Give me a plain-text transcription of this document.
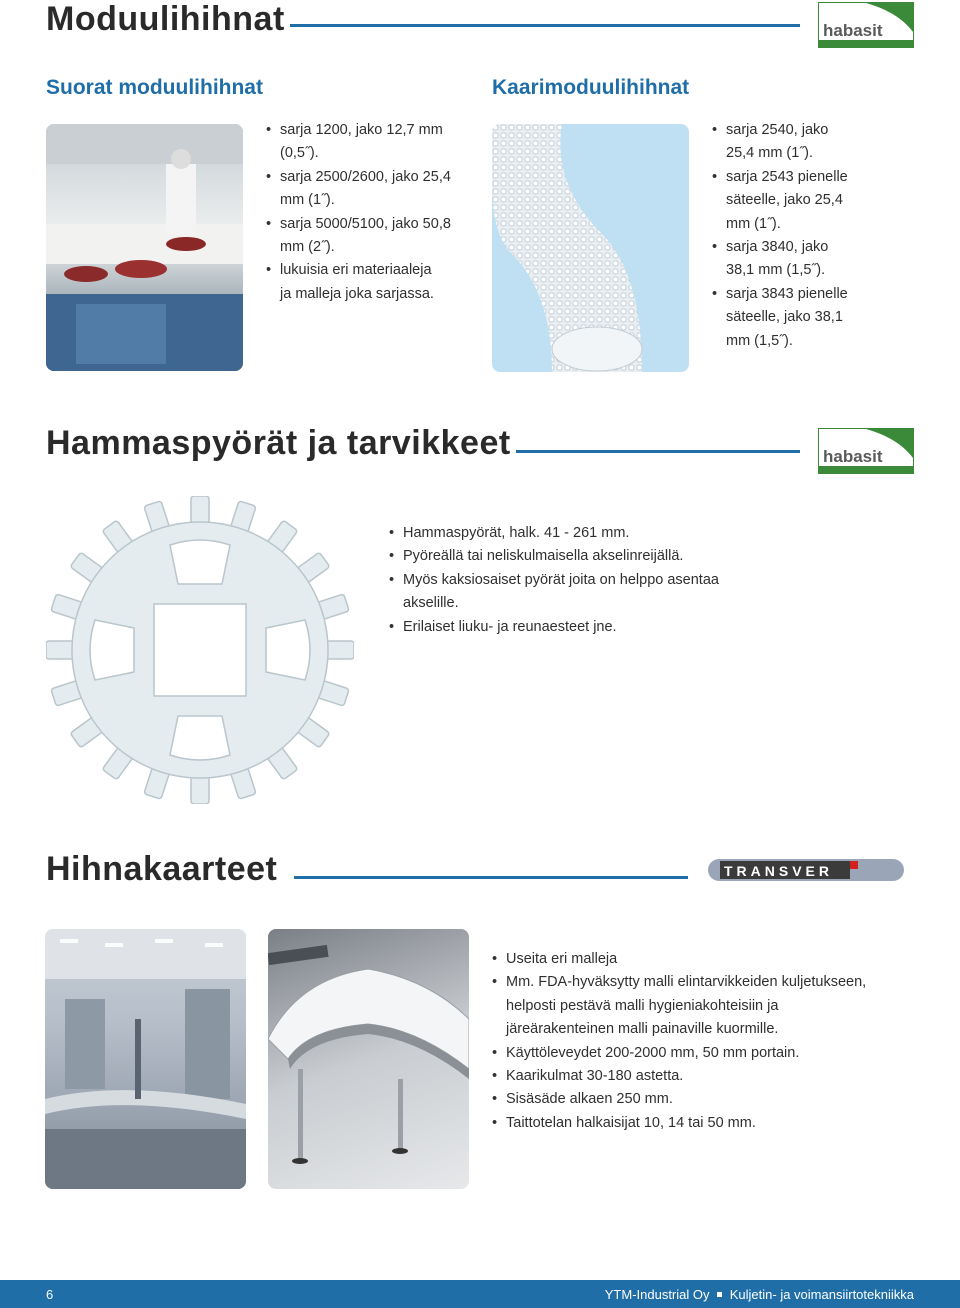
Moduulihihnat	habasit
Suorat moduulihihnat	Kaarimoduulihihnat
• sarja 1200, jako 12,7 mm
(0,5˝).
• sarja 2500/2600, jako 25,4
mm (1˝).
• sarja 5000/5100, jako 50,8
mm (2˝).
• lukuisia eri materiaaleja
ja malleja joka sarjassa.
• sarja 2540, jako
25,4 mm (1˝).
• sarja 2543 pienelle
säteelle, jako 25,4
mm (1˝).
• sarja 3840, jako
38,1 mm (1,5˝).
• sarja 3843 pienelle
säteelle, jako 38,1
mm (1,5˝).
Hammaspyörät ja tarvikkeet	habasit
• Hammaspyörät, halk. 41 - 261 mm.
• Pyöreällä tai neliskulmaisella akselinreijällä.
• Myös kaksiosaiset pyörät joita on helppo asentaa
akselille.
• Erilaiset liuku- ja reunaesteet jne.
Hihnakaarteet	TRANSVER
• Useita eri malleja
• Mm. FDA-hyväksytty malli elintarvikkeiden kuljetukseen,
helposti pestävä malli hygieniakohteisiin ja
järeärakenteinen malli painaville kuormille.
• Käyttöleveydet 200-2000 mm, 50 mm portain.
• Kaarikulmat 30-180 astetta.
• Sisäsäde alkaen 250 mm.
• Taittotelan halkaisijat 10, 14 tai 50 mm.
6	YTM-Industrial Oy Kuljetin- ja voimansiirtotekniikka
